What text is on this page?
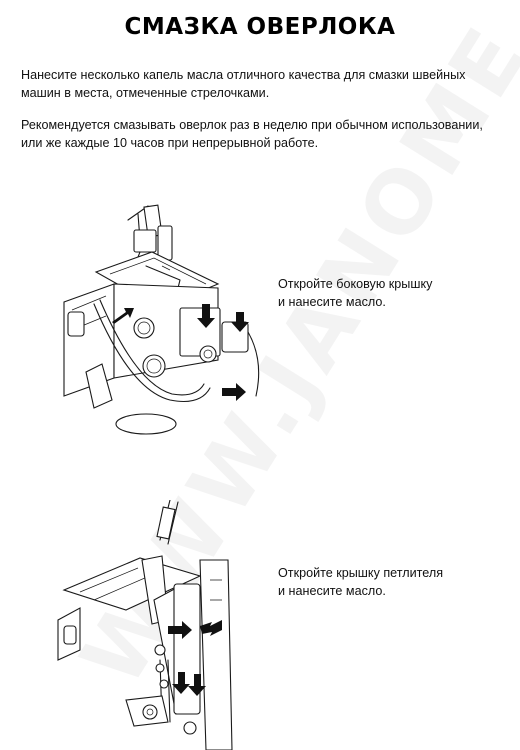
СМАЗКА ОВЕРЛОКА
Нанесите несколько капель масла отличного качества для смазки швейных машин в места, отмеченные стрелочками.
Рекомендуется смазывать оверлок раз в неделю при обычном использовании, или же каждые 10 часов при непрерывной работе.
Откройте боковую крышку
и нанесите масло.
Откройте крышку петлителя
и нанесите масло.
